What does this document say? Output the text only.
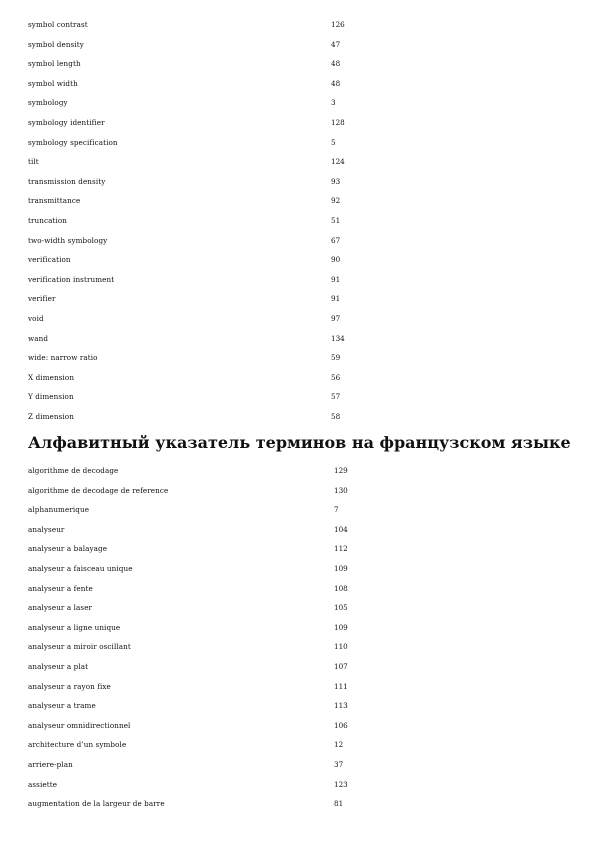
symbol contrast	126
symbol density	47
symbol length	48
symbol width	48
symbology	3
symbology identifier	128
symbology specification	5
tilt	124
transmission density	93
transmittance	92
truncation	51
two-width symbology	67
verification	90
verification instrument	91
verifier	91
void	97
wand	134
wide: narrow ratio	59
X dimension	56
Y dimension	57
Z dimension	58
Алфавитный указатель терминов на французском языке
algorithme de decodage	129
algorithme de decodage de reference	130
alphanumerique	7
analyseur	104
analyseur a balayage	112
analyseur a faisceau unique	109
analyseur a fente	108
analyseur a laser	105
analyseur a ligne unique	109
analyseur a miroir oscillant	110
analyseur a plat	107
analyseur a rayon fixe	111
analyseur a trame	113
analyseur omnidirectionnel	106
architecture d’un symbole	12
arriere-plan	37
assiette	123
augmentation de la largeur de barre	81
